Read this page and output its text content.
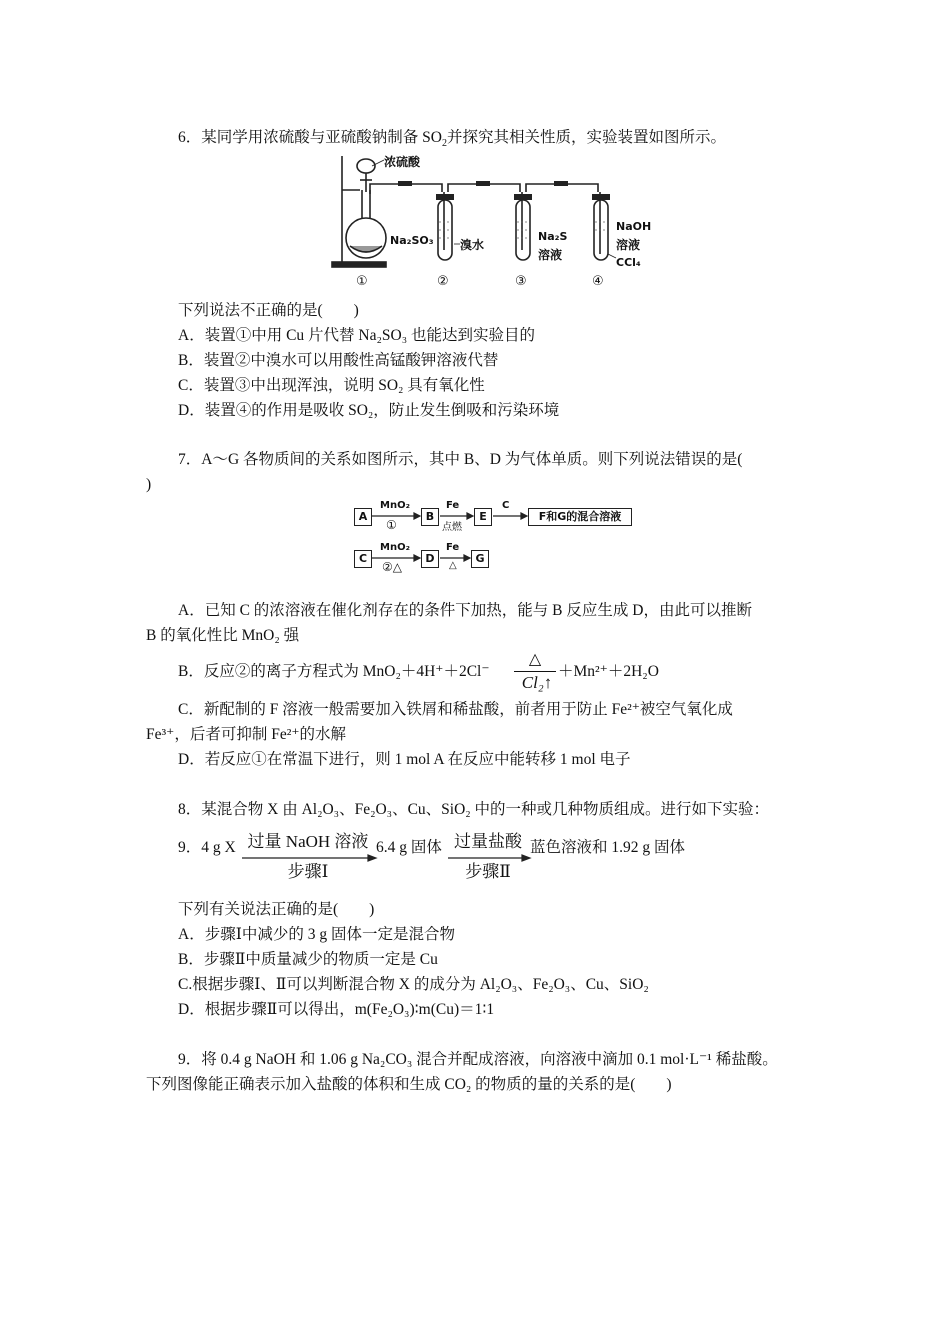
6．某同学用浓硫酸与亚硫酸钠制备 $SO_2$并探究其相关性质，实验装置如图所示。
浓硫酸
Na₂SO₃ 溴水
Na₂S
溶液
NaOH
溶液
CCl₄
①	②	③	④
下列说法不正确的是(　　)
A．装置①中用 Cu 片代替 Na₂SO₃ 也能达到实验目的
B．装置②中溴水可以用酸性高锰酸钾溶液代替
C．装置③中出现浑浊，说明 SO₂ 具有氧化性
D．装置④的作用是吸收 SO₂，防止发生倒吸和污染环境
7．A～G 各物质间的关系如图所示，其中 B、D 为气体单质。则下列说法错误的是(
)
A
MnO₂
①
B
Fe
点燃
E
C
F和G的混合溶液
C
MnO₂
②△
D
Fe
△
G
A．已知 C 的浓溶液在催化剂存在的条件下加热，能与 B 反应生成 D，由此可以推断
B 的氧化性比 MnO₂ 强
B．反应②的离子方程式为 MnO₂＋4H⁺＋2Cl⁻
△
Cl₂↑
＋Mn²⁺＋2H₂O
C．新配制的 F 溶液一般需要加入铁屑和稀盐酸，前者用于防止 Fe²⁺被空气氧化成
Fe³⁺，后者可抑制 Fe²⁺的水解
D．若反应①在常温下进行，则 1 mol A 在反应中能转移 1 mol 电子
8．某混合物 X 由 Al₂O₃、Fe₂O₃、Cu、SiO₂ 中的一种或几种物质组成。进行如下实验：
9．4 g X 过量 NaOH 溶液
步骤Ⅰ
6.4 g 固体 过量盐酸
步骤Ⅱ
蓝色溶液和 1.92 g 固体
下列有关说法正确的是(　　)
A．步骤Ⅰ中减少的 3 g 固体一定是混合物
B．步骤Ⅱ中质量减少的物质一定是 Cu
C.根据步骤Ⅰ、Ⅱ可以判断混合物 X 的成分为 Al₂O₃、Fe₂O₃、Cu、SiO₂
D．根据步骤Ⅱ可以得出，m(Fe₂O₃)∶m(Cu)＝1∶1
9．将 0.4 g NaOH 和 1.06 g Na₂CO₃ 混合并配成溶液，向溶液中滴加 0.1 mol·L⁻¹ 稀盐酸。
下列图像能正确表示加入盐酸的体积和生成 CO₂ 的物质的量的关系的是(　　)
